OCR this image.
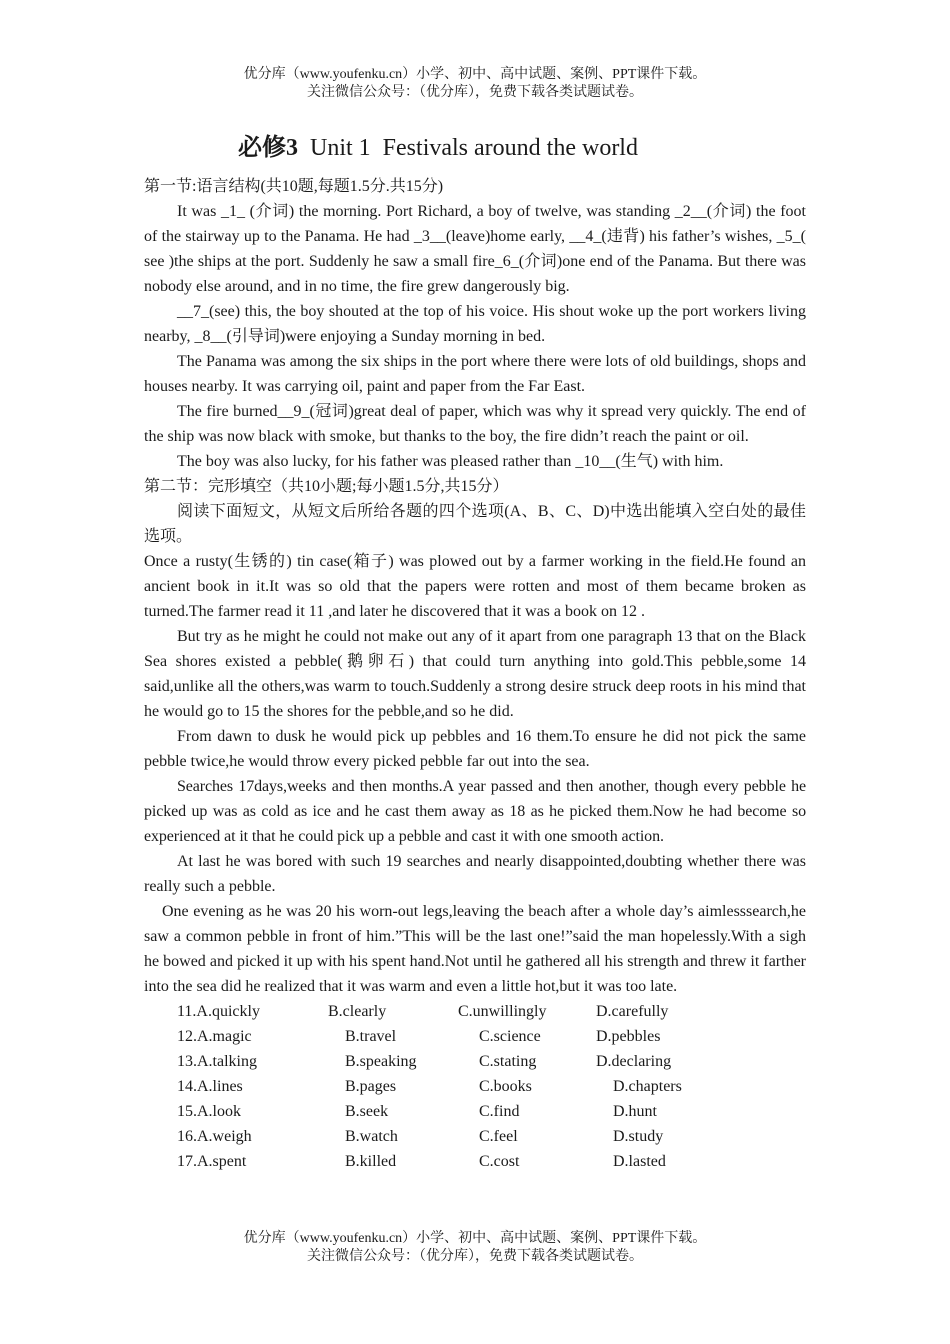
优分库（www.youfenku.cn）小学、初中、高中试题、案例、PPT课件下载。
关注微信公众号：（优分库），免费下载各类试题试卷。
必修3  Unit 1  Festivals around the world

第一节:语言结构(共10题,每题1.5分.共15分)

It was _1_ (介词) the morning. Port Richard, a boy of twelve, was standing _2__(介词) the foot of the stairway up to the Panama. He had _3__(leave)home early, __4_(违背) his father’s wishes, _5_( see )the ships at the port. Suddenly he saw a small fire_6_(介词)one end of the Panama. But there was nobody else around, and in no time, the fire grew dangerously big.

__7_(see) this, the boy shouted at the top of his voice. His shout woke up the port workers living nearby, _8__(引导词)were enjoying a Sunday morning in bed.

The Panama was among the six ships in the port where there were lots of old buildings, shops and houses nearby. It was carrying oil, paint and paper from the Far East.

The fire burned__9_(冠词)great deal of paper, which was why it spread very quickly. The end of the ship was now black with smoke, but thanks to the boy, the fire didn’t reach the paint or oil.

The boy was also lucky, for his father was pleased rather than _10__(生气) with him.

第二节：完形填空（共10小题;每小题1.5分,共15分）

阅读下面短文，从短文后所给各题的四个选项(A、B、C、D)中选出能填入空白处的最佳选项。

Once a rusty(生锈的) tin case(箱子) was plowed out by a farmer working in the field.He found an ancient book in it.It was so old that the papers were rotten and most of them became broken as turned.The farmer read it 11 ,and later he discovered that it was a book on 12 .

But try as he might he could not make out any of it apart from one paragraph 13 that on the Black Sea shores existed a pebble(鹅卵石) that could turn anything into gold.This pebble,some 14 said,unlike all the others,was warm to touch.Suddenly a strong desire struck deep roots in his mind that he would go to 15 the shores for the pebble,and so he did.

From dawn to dusk he would pick up pebbles and 16 them.To ensure he did not pick the same pebble twice,he would throw every picked pebble far out into the sea.

Searches 17days,weeks and then months.A year passed and then another, though every pebble he picked up was as cold as ice and he cast them away as 18 as he picked them.Now he had become so experienced at it that he could pick up a pebble and cast it with one smooth action.

At last he was bored with such 19 searches and nearly disappointed,doubting whether there was really such a pebble.

One evening as he was 20 his worn-out legs,leaving the beach after a whole day’s aimlesssearch,he saw a common pebble in front of him.”This will be the last one!”said the man hopelessly.With a sigh he bowed and picked it up with his spent hand.Not until he gathered all his strength and threw it farther into the sea did he realized that it was warm and even a little hot,but it was too late.

11.A.quickly	B.clearly	C.unwillingly	D.carefully
12.A.magic	B.travel	C.science	D.pebbles
13.A.talking	B.speaking	C.stating	D.declaring
14.A.lines	B.pages	C.books	D.chapters
15.A.look	B.seek	C.find	D.hunt
16.A.weigh	B.watch	C.feel	D.study
17.A.spent	B.killed	C.cost	D.lasted
优分库（www.youfenku.cn）小学、初中、高中试题、案例、PPT课件下载。
关注微信公众号：（优分库），免费下载各类试题试卷。
